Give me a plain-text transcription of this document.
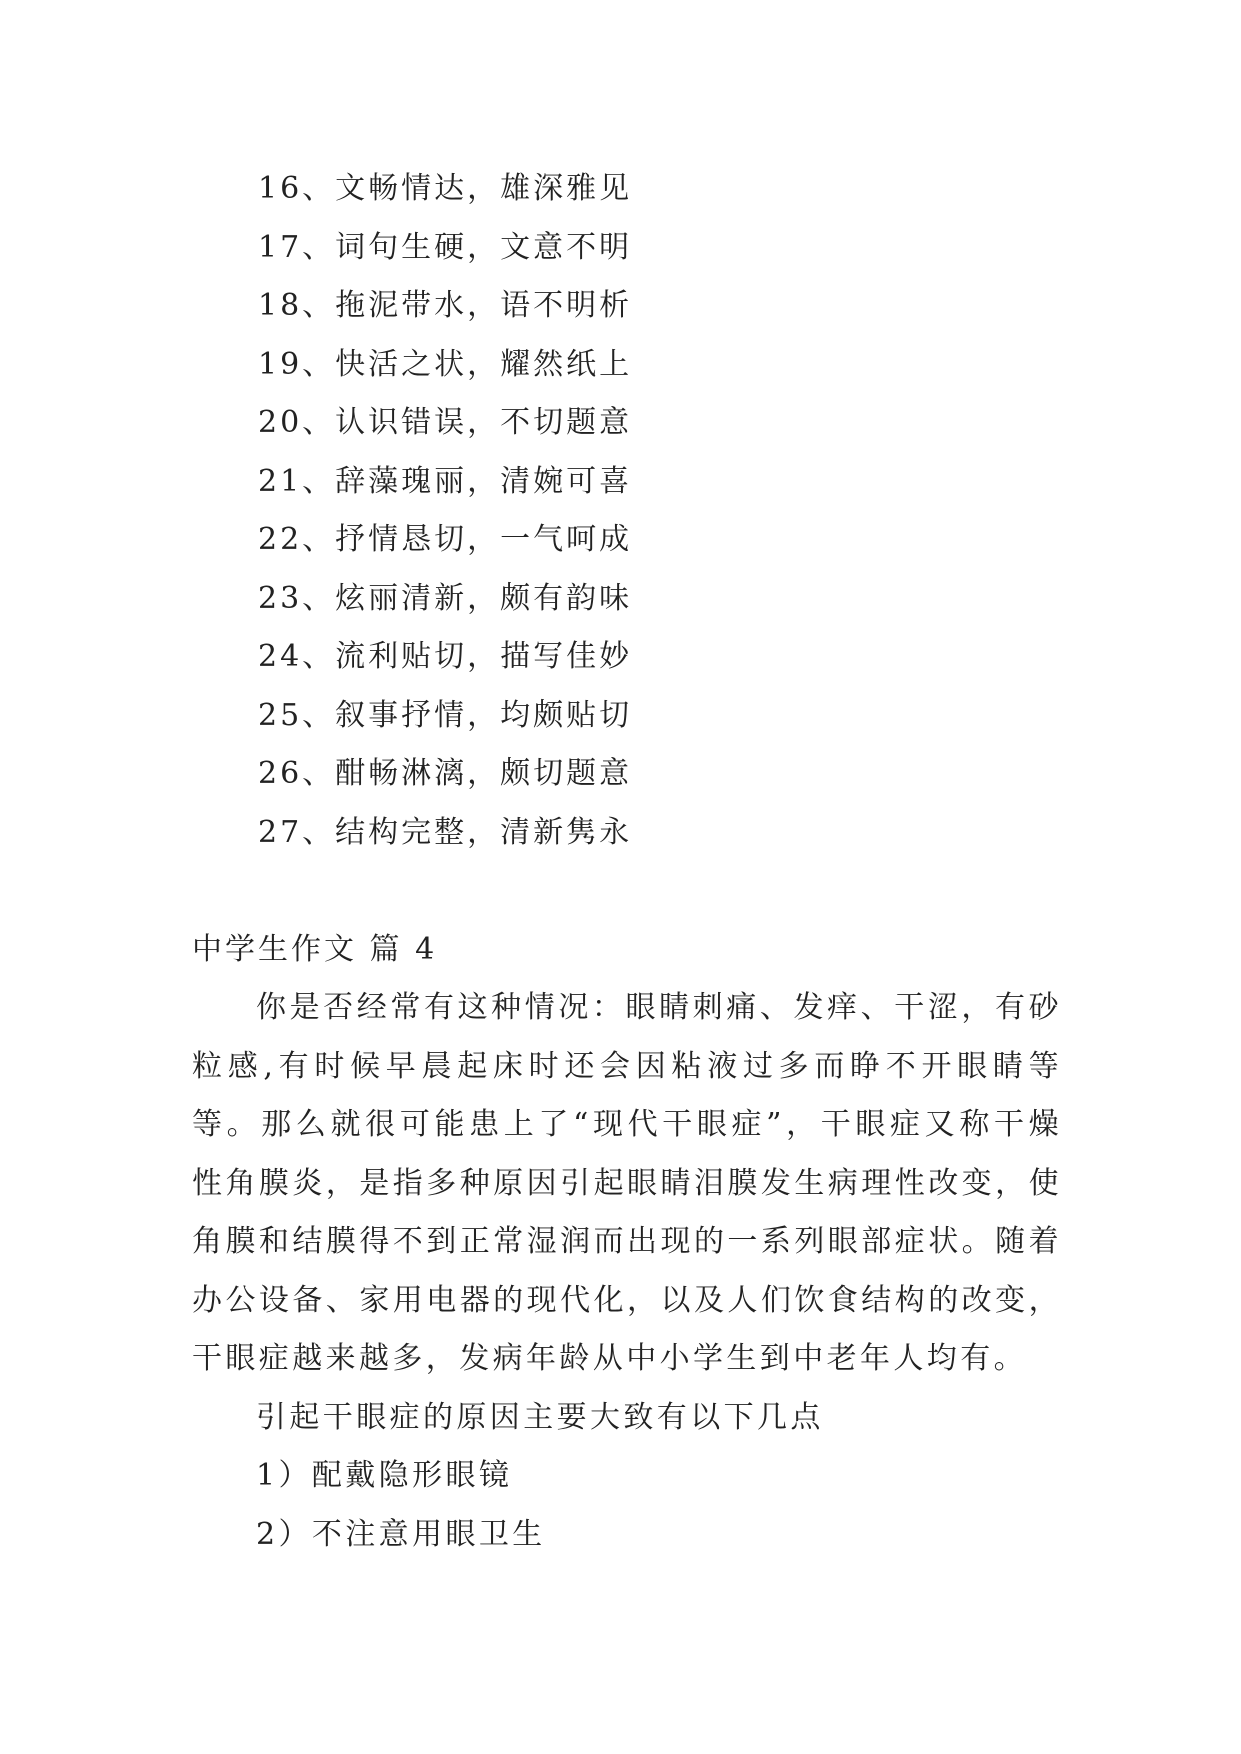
16、文畅情达，雄深雅见
17、词句生硬，文意不明
18、拖泥带水，语不明析
19、快活之状，耀然纸上
20、认识错误，不切题意
21、辞藻瑰丽，清婉可喜
22、抒情恳切，一气呵成
23、炫丽清新，颇有韵味
24、流利贴切，描写佳妙
25、叙事抒情，均颇贴切
26、酣畅淋漓，颇切题意
27、结构完整，清新隽永
中学生作文 篇 4

你是否经常有这种情况：眼睛刺痛、发痒、干涩，有砂粒感,有时候早晨起床时还会因粘液过多而睁不开眼睛等等。那么就很可能患上了“现代干眼症”，干眼症又称干燥性角膜炎，是指多种原因引起眼睛泪膜发生病理性改变，使角膜和结膜得不到正常湿润而出现的一系列眼部症状。随着办公设备、家用电器的现代化，以及人们饮食结构的改变，干眼症越来越多，发病年龄从中小学生到中老年人均有。

引起干眼症的原因主要大致有以下几点

1）配戴隐形眼镜

2）不注意用眼卫生
